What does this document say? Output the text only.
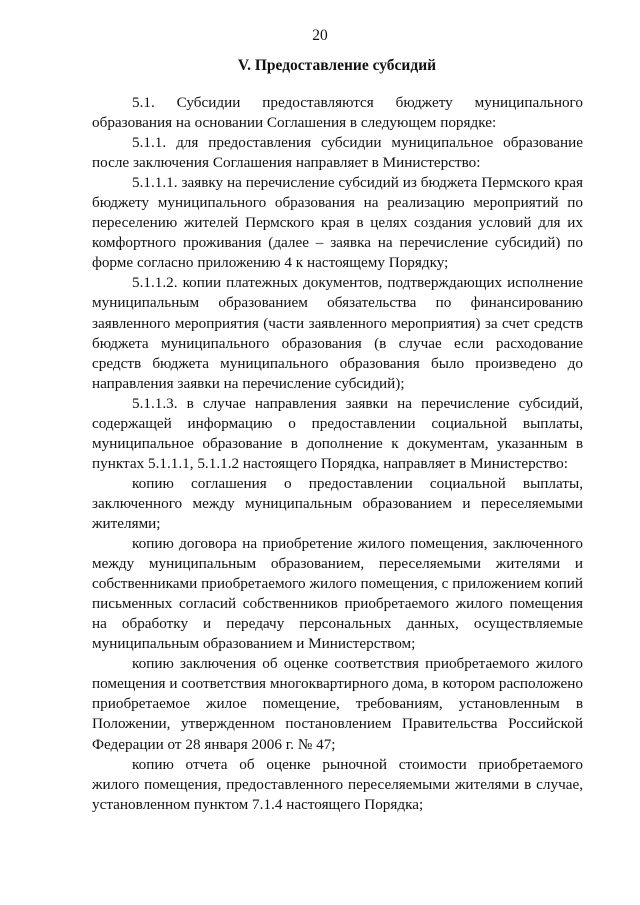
20
V. Предоставление субсидий

5.1. Субсидии предоставляются бюджету муниципального образования на основании Соглашения в следующем порядке:

5.1.1. для предоставления субсидии муниципальное образование после заключения Соглашения направляет в Министерство:

5.1.1.1. заявку на перечисление субсидий из бюджета Пермского края бюджету муниципального образования на реализацию мероприятий по переселению жителей Пермского края в целях создания условий для их комфортного проживания (далее – заявка на перечисление субсидий) по форме согласно приложению 4 к настоящему Порядку;

5.1.1.2. копии платежных документов, подтверждающих исполнение муниципальным образованием обязательства по финансированию заявленного мероприятия (части заявленного мероприятия) за счет средств бюджета муниципального образования (в случае если расходование средств бюджета муниципального образования было произведено до направления заявки на перечисление субсидий);

5.1.1.3. в случае направления заявки на перечисление субсидий, содержащей информацию о предоставлении социальной выплаты, муниципальное образование в дополнение к документам, указанным в пунктах 5.1.1.1, 5.1.1.2 настоящего Порядка, направляет в Министерство:

копию соглашения о предоставлении социальной выплаты, заключенного между муниципальным образованием и переселяемыми жителями;

копию договора на приобретение жилого помещения, заключенного между муниципальным образованием, переселяемыми жителями и собственниками приобретаемого жилого помещения, с приложением копий письменных согласий собственников приобретаемого жилого помещения на обработку и передачу персональных данных, осуществляемые муниципальным образованием и Министерством;

копию заключения об оценке соответствия приобретаемого жилого помещения и соответствия многоквартирного дома, в котором расположено приобретаемое жилое помещение, требованиям, установленным в Положении, утвержденном постановлением Правительства Российской Федерации от 28 января 2006 г. № 47;

копию отчета об оценке рыночной стоимости приобретаемого жилого помещения, предоставленного переселяемыми жителями в случае, установленном пунктом 7.1.4 настоящего Порядка;
